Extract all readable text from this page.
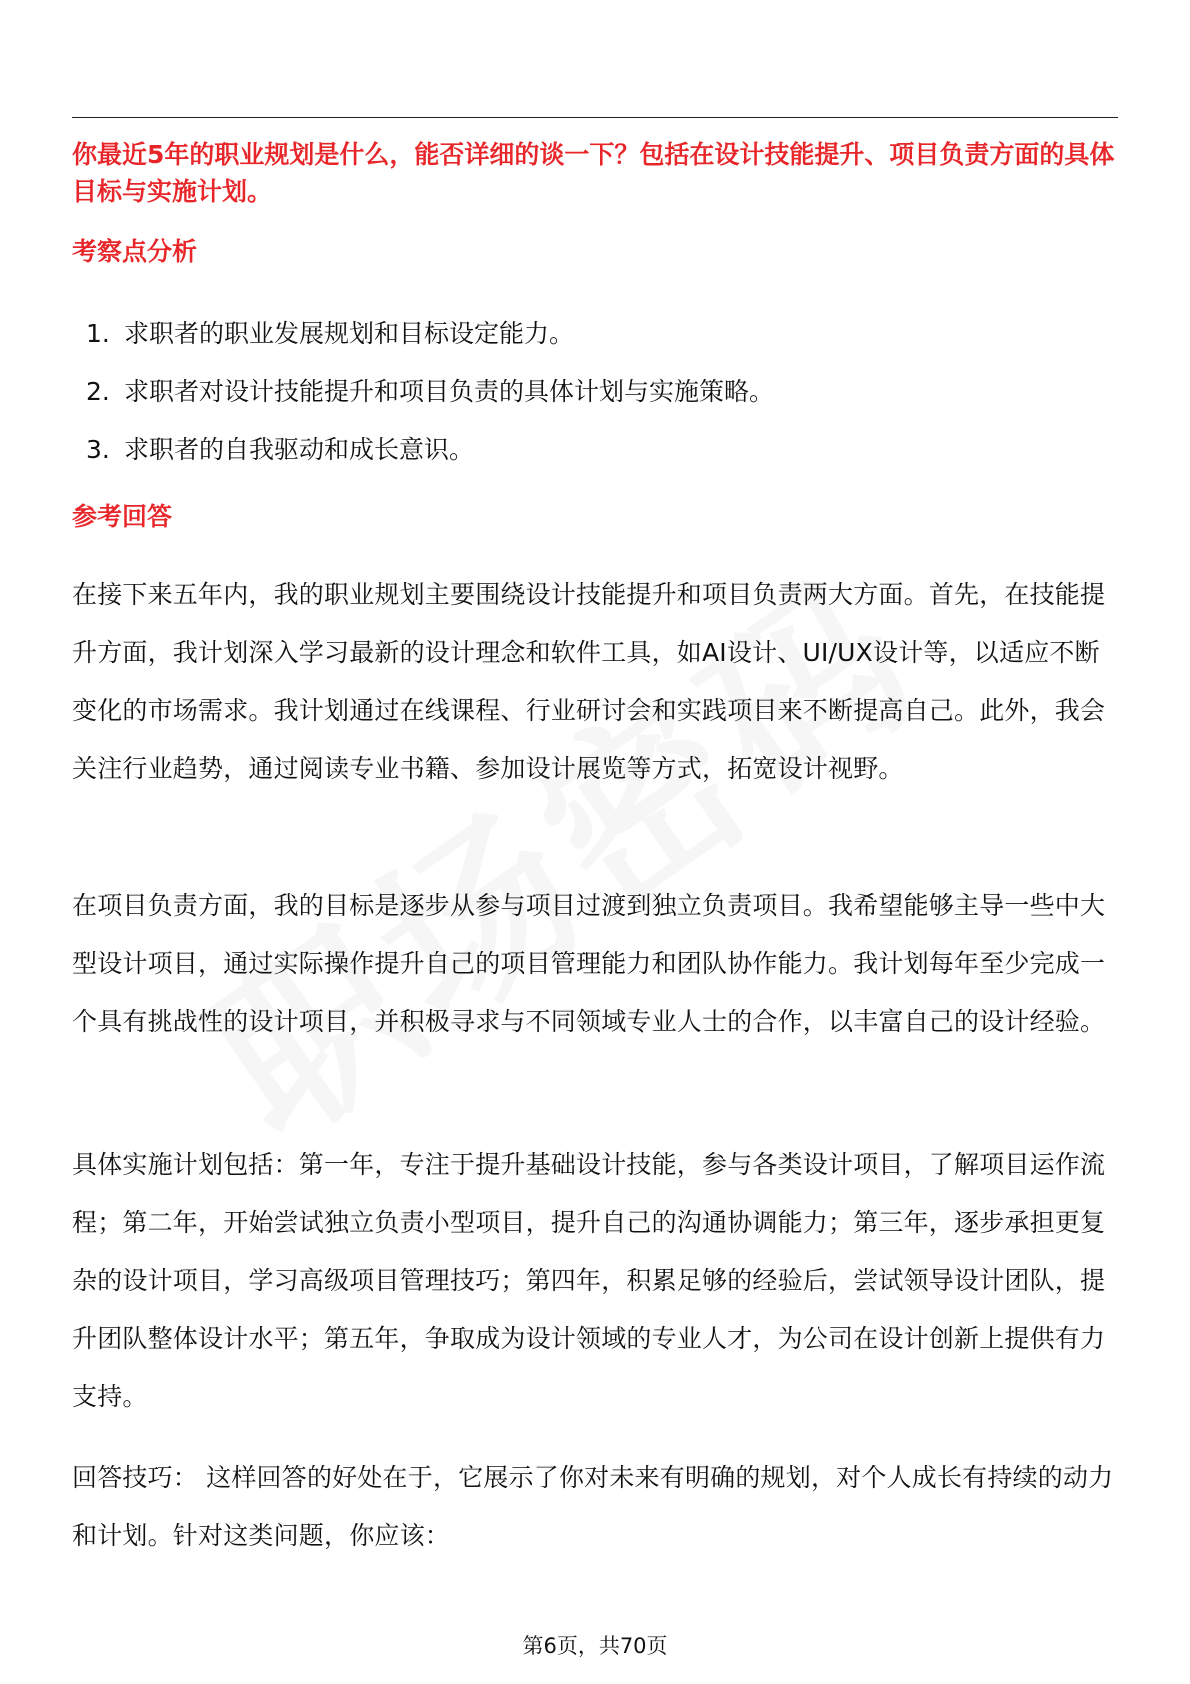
你最近5年的职业规划是什么，能否详细的谈一下？包括在设计技能提升、项目负责方面的具体目标与实施计划。

考察点分析

1. 求职者的职业发展规划和目标设定能力。
2. 求职者对设计技能提升和项目负责的具体计划与实施策略。
3. 求职者的自我驱动和成长意识。

参考回答

在接下来五年内，我的职业规划主要围绕设计技能提升和项目负责两大方面。首先，在技能提升方面，我计划深入学习最新的设计理念和软件工具，如AI设计、UI/UX设计等，以适应不断变化的市场需求。我计划通过在线课程、行业研讨会和实践项目来不断提高自己。此外，我会关注行业趋势，通过阅读专业书籍、参加设计展览等方式，拓宽设计视野。

在项目负责方面，我的目标是逐步从参与项目过渡到独立负责项目。我希望能够主导一些中大型设计项目，通过实际操作提升自己的项目管理能力和团队协作能力。我计划每年至少完成一个具有挑战性的设计项目，并积极寻求与不同领域专业人士的合作，以丰富自己的设计经验。

具体实施计划包括：第一年，专注于提升基础设计技能，参与各类设计项目，了解项目运作流程；第二年，开始尝试独立负责小型项目，提升自己的沟通协调能力；第三年，逐步承担更复杂的设计项目，学习高级项目管理技巧；第四年，积累足够的经验后，尝试领导设计团队，提升团队整体设计水平；第五年，争取成为设计领域的专业人才，为公司在设计创新上提供有力支持。

回答技巧： 这样回答的好处在于，它展示了你对未来有明确的规划，对个人成长有持续的动力和计划。针对这类问题，你应该：

第6页，共70页
